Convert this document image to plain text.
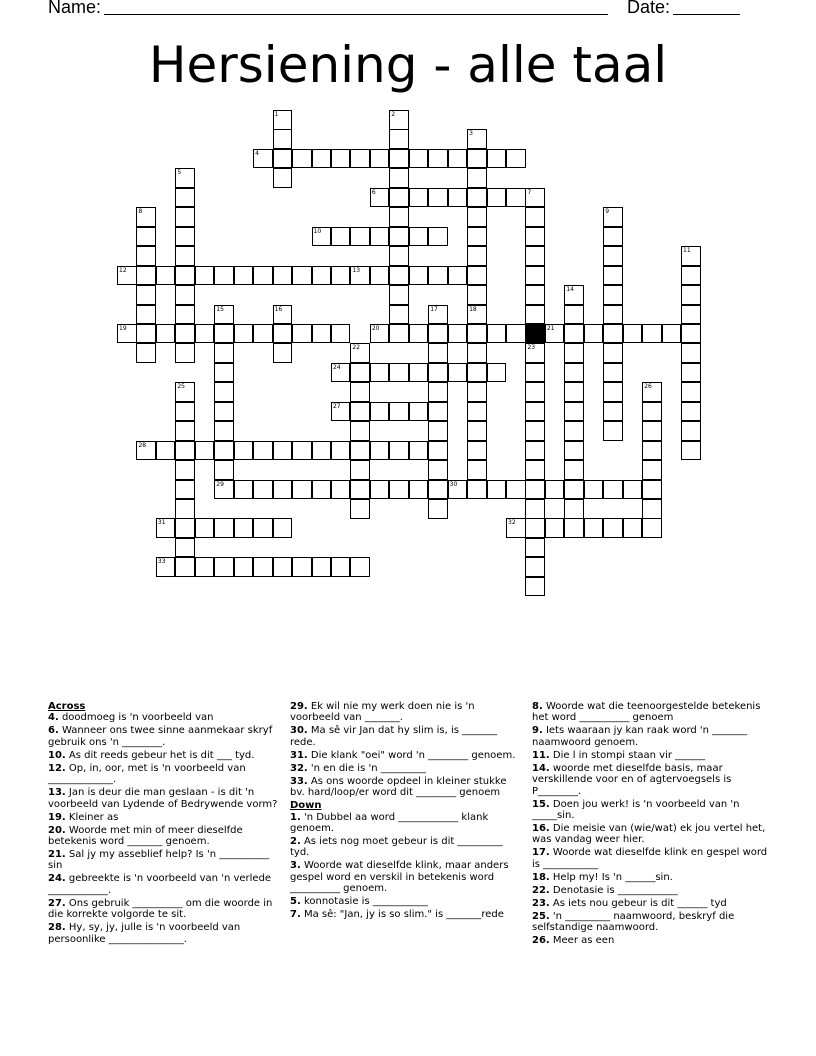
Name:	Date:
Hersiening - alle taal
4
6	7
10
12	13
19	20	21
24
27
28
29	30
31	32
33
1	2
3
18
5
23
8	9
11
14
15	16	17
22
25	26
Across
4. doodmoeg is 'n voorbeeld van
6. Wanneer ons twee sinne aanmekaar skryf gebruik ons 'n ________.
10. As dit reeds gebeur het is dit ___ tyd.
12. Op, in, oor, met is 'n voorbeeld van _____________.
13. Jan is deur die man geslaan - is dit 'n voorbeeld van Lydende of Bedrywende vorm?
19. Kleiner as
20. Woorde met min of meer dieselfde betekenis word _______ genoem.
21. Sal jy my asseblief help? Is 'n __________ sin
24. gebreekte is 'n voorbeeld van 'n verlede ____________.
27. Ons gebruik __________ om die woorde in die korrekte volgorde te sit.
28. Hy, sy, jy, julle is 'n voorbeeld van persoonlike _______________.
29. Ek wil nie my werk doen nie is 'n voorbeeld van _______.
30. Ma sê vir Jan dat hy slim is, is _______ rede.
31. Die klank "oei" word 'n ________ genoem.
32. 'n en die is 'n _________
33. As ons woorde opdeel in kleiner stukke bv. hard/loop/er word dit ________ genoem
Down
1. 'n Dubbel aa word ____________ klank genoem.
2. As iets nog moet gebeur is dit _________ tyd.
3. Woorde wat dieselfde klink, maar anders gespel word en verskil in betekenis word __________ genoem.
5. konnotasie is ___________
7. Ma sê: "Jan, jy is so slim." is _______rede
8. Woorde wat die teenoorgestelde betekenis het word __________ genoem
9. Iets waaraan jy kan raak word 'n _______ naamwoord genoem.
11. Die l in stompi staan vir ______
14. woorde met dieselfde basis, maar verskillende voor en of agtervoegsels is P________.
15. Doen jou werk! is 'n voorbeeld van 'n _____sin.
16. Die meisie van (wie/wat) ek jou vertel het, was vandag weer hier.
17. Woorde wat dieselfde klink en gespel word is ___________
18. Help my! Is 'n ______sin.
22. Denotasie is ____________
23. As iets nou gebeur is dit ______ tyd
25. 'n _________ naamwoord, beskryf die selfstandige naamwoord.
26. Meer as een
